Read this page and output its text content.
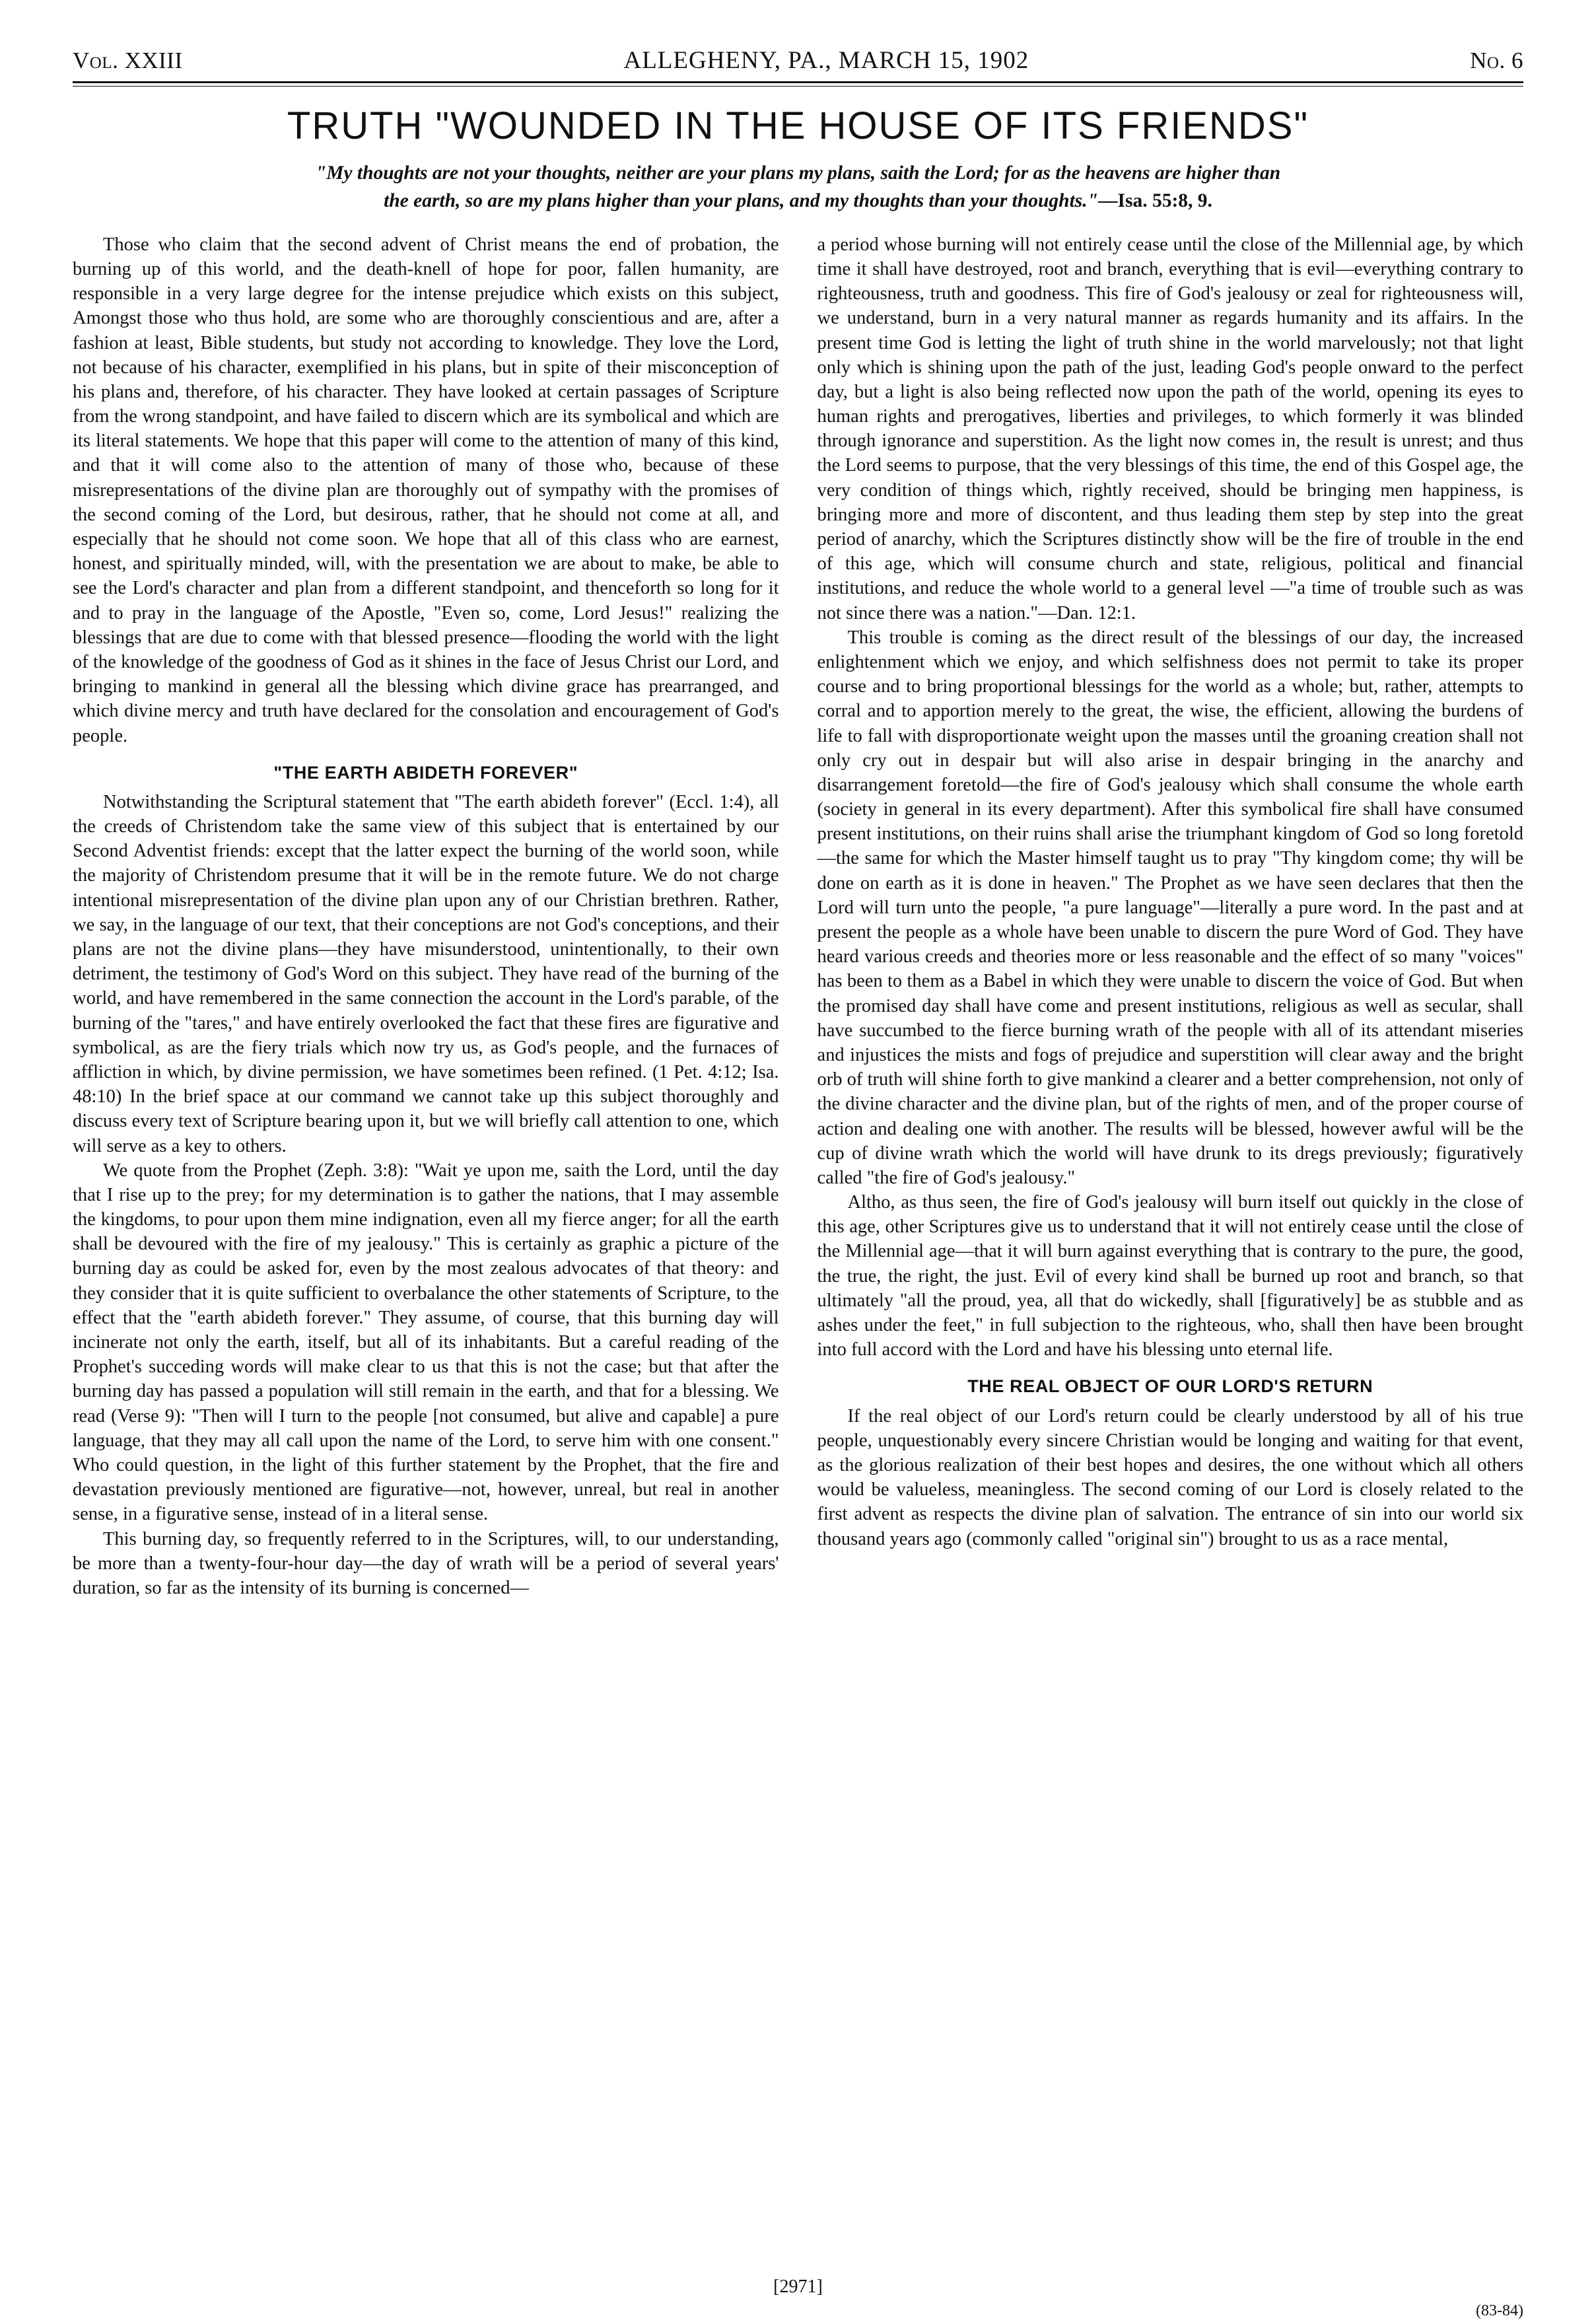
Vol. XXIII	ALLEGHENY, PA., MARCH 15, 1902	No. 6
TRUTH "WOUNDED IN THE HOUSE OF ITS FRIENDS"
"My thoughts are not your thoughts, neither are your plans my plans, saith the Lord; for as the heavens are higher than
the earth, so are my plans higher than your plans, and my thoughts than your thoughts."—Isa. 55:8, 9.

Those who claim that the second advent of Christ means the end of probation, the burning up of this world, and the death-knell of hope for poor, fallen humanity, are responsible in a very large degree for the intense prejudice which exists on this subject, Amongst those who thus hold, are some who are thoroughly conscientious and are, after a fashion at least, Bible students, but study not according to knowledge. They love the Lord, not because of his character, exemplified in his plans, but in spite of their misconception of his plans and, therefore, of his character. They have looked at certain passages of Scripture from the wrong standpoint, and have failed to discern which are its symbolical and which are its literal statements. We hope that this paper will come to the attention of many of this kind, and that it will come also to the attention of many of those who, because of these misrepresentations of the divine plan are thoroughly out of sympathy with the promises of the second coming of the Lord, but desirous, rather, that he should not come at all, and especially that he should not come soon. We hope that all of this class who are earnest, honest, and spiritually minded, will, with the presentation we are about to make, be able to see the Lord's character and plan from a different standpoint, and thenceforth so long for it and to pray in the language of the Apostle, "Even so, come, Lord Jesus!" realizing the blessings that are due to come with that blessed presence—flooding the world with the light of the knowledge of the goodness of God as it shines in the face of Jesus Christ our Lord, and bringing to mankind in general all the blessing which divine grace has prearranged, and which divine mercy and truth have declared for the consolation and encouragement of God's people.

"THE EARTH ABIDETH FOREVER"

Notwithstanding the Scriptural statement that "The earth abideth forever" (Eccl. 1:4), all the creeds of Christendom take the same view of this subject that is entertained by our Second Adventist friends: except that the latter expect the burning of the world soon, while the majority of Christendom presume that it will be in the remote future. We do not charge intentional misrepresentation of the divine plan upon any of our Christian brethren. Rather, we say, in the language of our text, that their conceptions are not God's conceptions, and their plans are not the divine plans—they have misunderstood, unintentionally, to their own detriment, the testimony of God's Word on this subject. They have read of the burning of the world, and have remembered in the same connection the account in the Lord's parable, of the burning of the "tares," and have entirely overlooked the fact that these fires are figurative and symbolical, as are the fiery trials which now try us, as God's people, and the furnaces of affliction in which, by divine permission, we have sometimes been refined. (1 Pet. 4:12; Isa. 48:10) In the brief space at our command we cannot take up this subject thoroughly and discuss every text of Scripture bearing upon it, but we will briefly call attention to one, which will serve as a key to others.

We quote from the Prophet (Zeph. 3:8): "Wait ye upon me, saith the Lord, until the day that I rise up to the prey; for my determination is to gather the nations, that I may assemble the kingdoms, to pour upon them mine indignation, even all my fierce anger; for all the earth shall be devoured with the fire of my jealousy." This is certainly as graphic a picture of the burning day as could be asked for, even by the most zealous advocates of that theory: and they consider that it is quite sufficient to overbalance the other statements of Scripture, to the effect that the "earth abideth forever." They assume, of course, that this burning day will incinerate not only the earth, itself, but all of its inhabitants. But a careful reading of the Prophet's succeding words will make clear to us that this is not the case; but that after the burning day has passed a population will still remain in the earth, and that for a blessing. We read (Verse 9): "Then will I turn to the people [not consumed, but alive and capable] a pure language, that they may all call upon the name of the Lord, to serve him with one consent." Who could question, in the light of this further statement by the Prophet, that the fire and devastation previously mentioned are figurative—not, however, unreal, but real in another sense, in a figurative sense, instead of in a literal sense.

This burning day, so frequently referred to in the Scriptures, will, to our understanding, be more than a twenty-four-hour day—the day of wrath will be a period of several years' duration, so far as the intensity of its burning is concerned—

a period whose burning will not entirely cease until the close of the Millennial age, by which time it shall have destroyed, root and branch, everything that is evil—everything contrary to righteousness, truth and goodness. This fire of God's jealousy or zeal for righteousness will, we understand, burn in a very natural manner as regards humanity and its affairs. In the present time God is letting the light of truth shine in the world marvelously; not that light only which is shining upon the path of the just, leading God's people onward to the perfect day, but a light is also being reflected now upon the path of the world, opening its eyes to human rights and prerogatives, liberties and privileges, to which formerly it was blinded through ignorance and superstition. As the light now comes in, the result is unrest; and thus the Lord seems to purpose, that the very blessings of this time, the end of this Gospel age, the very condition of things which, rightly received, should be bringing men happiness, is bringing more and more of discontent, and thus leading them step by step into the great period of anarchy, which the Scriptures distinctly show will be the fire of trouble in the end of this age, which will consume church and state, religious, political and financial institutions, and reduce the whole world to a general level —"a time of trouble such as was not since there was a nation."—Dan. 12:1.

This trouble is coming as the direct result of the blessings of our day, the increased enlightenment which we enjoy, and which selfishness does not permit to take its proper course and to bring proportional blessings for the world as a whole; but, rather, attempts to corral and to apportion merely to the great, the wise, the efficient, allowing the burdens of life to fall with disproportionate weight upon the masses until the groaning creation shall not only cry out in despair but will also arise in despair bringing in the anarchy and disarrangement foretold—the fire of God's jealousy which shall consume the whole earth (society in general in its every department). After this symbolical fire shall have consumed present institutions, on their ruins shall arise the triumphant kingdom of God so long foretold—the same for which the Master himself taught us to pray "Thy kingdom come; thy will be done on earth as it is done in heaven." The Prophet as we have seen declares that then the Lord will turn unto the people, "a pure language"—literally a pure word. In the past and at present the people as a whole have been unable to discern the pure Word of God. They have heard various creeds and theories more or less reasonable and the effect of so many "voices" has been to them as a Babel in which they were unable to discern the voice of God. But when the promised day shall have come and present institutions, religious as well as secular, shall have succumbed to the fierce burning wrath of the people with all of its attendant miseries and injustices the mists and fogs of prejudice and superstition will clear away and the bright orb of truth will shine forth to give mankind a clearer and a better comprehension, not only of the divine character and the divine plan, but of the rights of men, and of the proper course of action and dealing one with another. The results will be blessed, however awful will be the cup of divine wrath which the world will have drunk to its dregs previously; figuratively called "the fire of God's jealousy."

Altho, as thus seen, the fire of God's jealousy will burn itself out quickly in the close of this age, other Scriptures give us to understand that it will not entirely cease until the close of the Millennial age—that it will burn against everything that is contrary to the pure, the good, the true, the right, the just. Evil of every kind shall be burned up root and branch, so that ultimately "all the proud, yea, all that do wickedly, shall [figuratively] be as stubble and as ashes under the feet," in full subjection to the righteous, who, shall then have been brought into full accord with the Lord and have his blessing unto eternal life.

THE REAL OBJECT OF OUR LORD'S RETURN

If the real object of our Lord's return could be clearly understood by all of his true people, unquestionably every sincere Christian would be longing and waiting for that event, as the glorious realization of their best hopes and desires, the one without which all others would be valueless, meaningless. The second coming of our Lord is closely related to the first advent as respects the divine plan of salvation. The entrance of sin into our world six thousand years ago (commonly called "original sin") brought to us as a race mental,

[2971]
(83-84)
